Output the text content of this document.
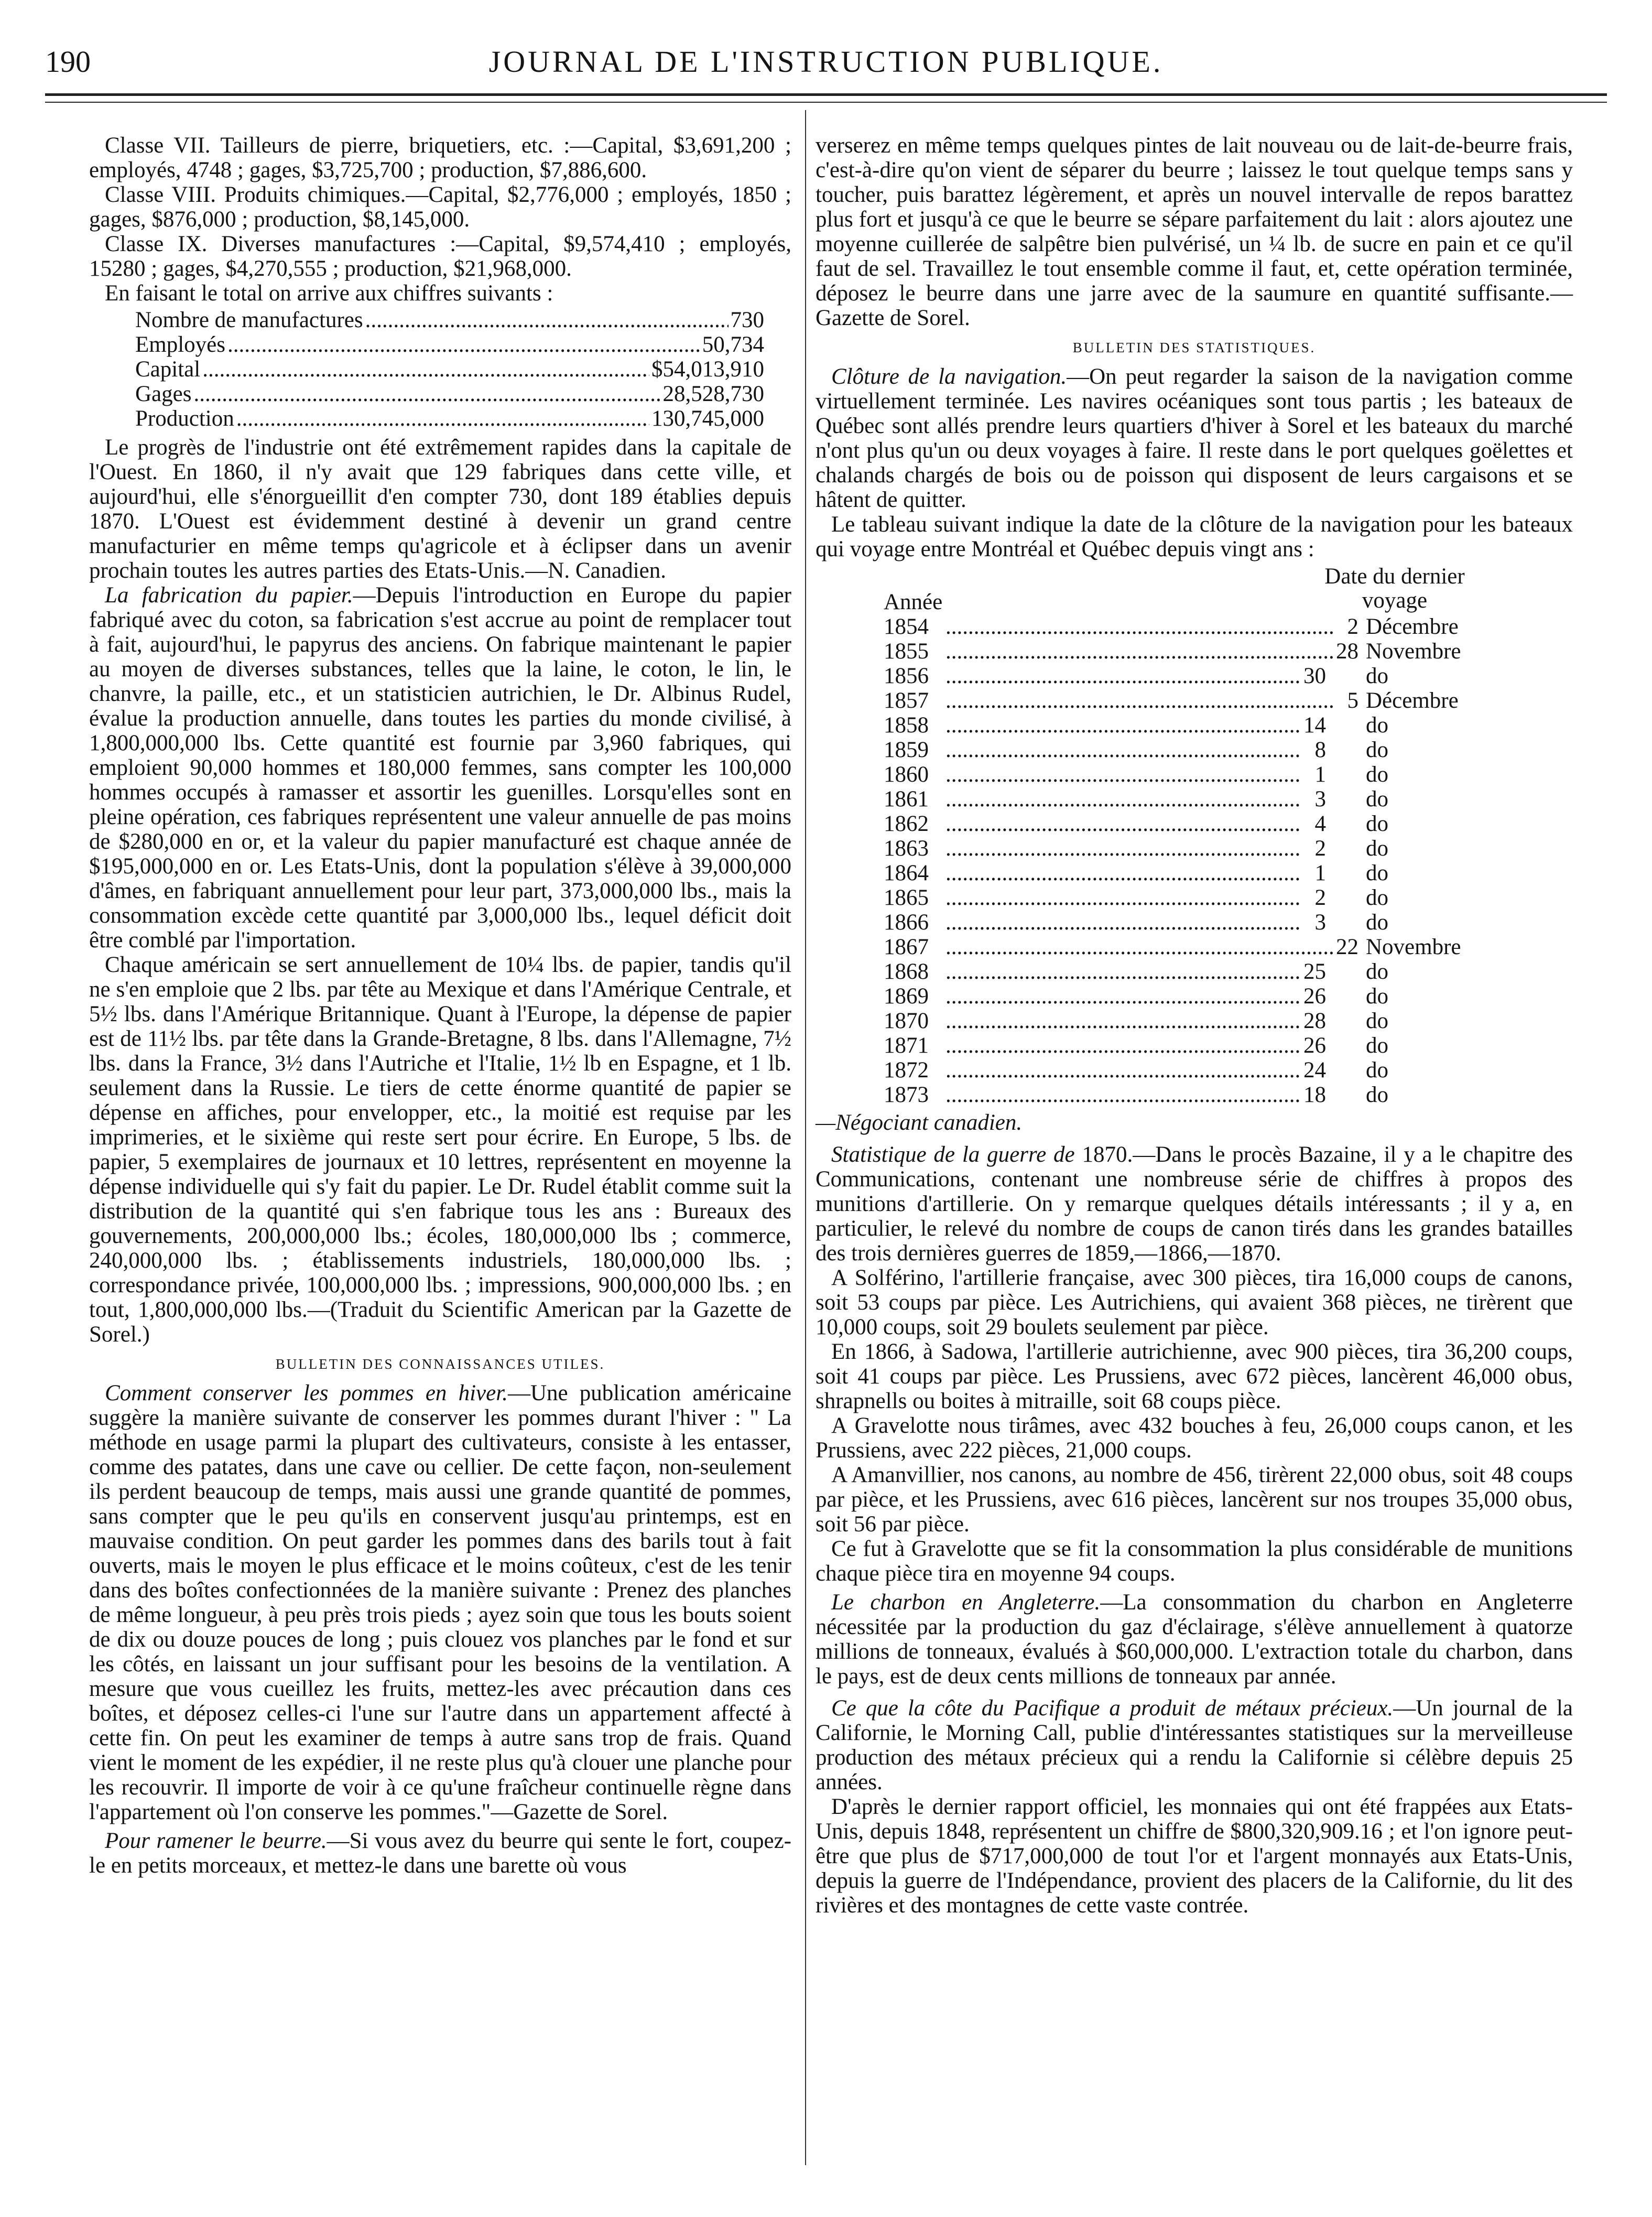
190	JOURNAL DE L'INSTRUCTION PUBLIQUE.

Classe VII. Tailleurs de pierre, briquetiers, etc. :—Capital, $3,691,200 ; employés, 4748 ; gages, $3,725,700 ; production, $7,886,600.

Classe VIII. Produits chimiques.—Capital, $2,776,000 ; employés, 1850 ; gages, $876,000 ; production, $8,145,000.

Classe IX. Diverses manufactures :—Capital, $9,574,410 ; employés, 15280 ; gages, $4,270,555 ; production, $21,968,000.

En faisant le total on arrive aux chiffres suivants :

Nombre de manufactures .....	730
Employés .....	50,734
Capital .....	$54,013,910
Gages .....	28,528,730
Production .....	130,745,000

Le progrès de l'industrie ont été extrêmement rapides dans la capitale de l'Ouest. En 1860, il n'y avait que 129 fabriques dans cette ville, et aujourd'hui, elle s'énorgueillit d'en compter 730, dont 189 établies depuis 1870. L'Ouest est évidemment destiné à devenir un grand centre manufacturier en même temps qu'agricole et à éclipser dans un avenir prochain toutes les autres parties des Etats-Unis.—N. Canadien.

La fabrication du papier.—Depuis l'introduction en Europe du papier fabriqué avec du coton, sa fabrication s'est accrue au point de remplacer tout à fait, aujourd'hui, le papyrus des anciens. On fabrique maintenant le papier au moyen de diverses substances, telles que la laine, le coton, le lin, le chanvre, la paille, etc., et un statisticien autrichien, le Dr. Albinus Rudel, évalue la production annuelle, dans toutes les parties du monde civilisé, à 1,800,000,000 lbs. Cette quantité est fournie par 3,960 fabriques, qui emploient 90,000 hommes et 180,000 femmes, sans compter les 100,000 hommes occupés à ramasser et assortir les guenilles. Lorsqu'elles sont en pleine opération, ces fabriques représentent une valeur annuelle de pas moins de $280,000 en or, et la valeur du papier manufacturé est chaque année de $195,000,000 en or. Les Etats-Unis, dont la population s'élève à 39,000,000 d'âmes, en fabriquant annuellement pour leur part, 373,000,000 lbs., mais la consommation excède cette quantité par 3,000,000 lbs., lequel déficit doit être comblé par l'importation.

Chaque américain se sert annuellement de 10¼ lbs. de papier, tandis qu'il ne s'en emploie que 2 lbs. par tête au Mexique et dans l'Amérique Centrale, et 5½ lbs. dans l'Amérique Britannique. Quant à l'Europe, la dépense de papier est de 11½ lbs. par tête dans la Grande-Bretagne, 8 lbs. dans l'Allemagne, 7½ lbs. dans la France, 3½ dans l'Autriche et l'Italie, 1½ lb en Espagne, et 1 lb. seulement dans la Russie. Le tiers de cette énorme quantité de papier se dépense en affiches, pour envelopper, etc., la moitié est requise par les imprimeries, et le sixième qui reste sert pour écrire. En Europe, 5 lbs. de papier, 5 exemplaires de journaux et 10 lettres, représentent en moyenne la dépense individuelle qui s'y fait du papier. Le Dr. Rudel établit comme suit la distribution de la quantité qui s'en fabrique tous les ans : Bureaux des gouvernements, 200,000,000 lbs.; écoles, 180,000,000 lbs ; commerce, 240,000,000 lbs. ; établissements industriels, 180,000,000 lbs. ; correspondance privée, 100,000,000 lbs. ; impressions, 900,000,000 lbs. ; en tout, 1,800,000,000 lbs.—(Traduit du Scientific American par la Gazette de Sorel.)

BULLETIN DES CONNAISSANCES UTILES.

Comment conserver les pommes en hiver.—Une publication américaine suggère la manière suivante de conserver les pommes durant l'hiver : " La méthode en usage parmi la plupart des cultivateurs, consiste à les entasser, comme des patates, dans une cave ou cellier. De cette façon, non-seulement ils perdent beaucoup de temps, mais aussi une grande quantité de pommes, sans compter que le peu qu'ils en conservent jusqu'au printemps, est en mauvaise condition. On peut garder les pommes dans des barils tout à fait ouverts, mais le moyen le plus efficace et le moins coûteux, c'est de les tenir dans des boîtes confectionnées de la manière suivante : Prenez des planches de même longueur, à peu près trois pieds ; ayez soin que tous les bouts soient de dix ou douze pouces de long ; puis clouez vos planches par le fond et sur les côtés, en laissant un jour suffisant pour les besoins de la ventilation. A mesure que vous cueillez les fruits, mettez-les avec précaution dans ces boîtes, et déposez celles-ci l'une sur l'autre dans un appartement affecté à cette fin. On peut les examiner de temps à autre sans trop de frais. Quand vient le moment de les expédier, il ne reste plus qu'à clouer une planche pour les recouvrir. Il importe de voir à ce qu'une fraîcheur continuelle règne dans l'appartement où l'on conserve les pommes."—Gazette de Sorel.

Pour ramener le beurre.—Si vous avez du beurre qui sente le fort, coupez-le en petits morceaux, et mettez-le dans une barette où vous

verserez en même temps quelques pintes de lait nouveau ou de lait-de-beurre frais, c'est-à-dire qu'on vient de séparer du beurre ; laissez le tout quelque temps sans y toucher, puis barattez légèrement, et après un nouvel intervalle de repos barattez plus fort et jusqu'à ce que le beurre se sépare parfaitement du lait : alors ajoutez une moyenne cuillerée de salpêtre bien pulvérisé, un ¼ lb. de sucre en pain et ce qu'il faut de sel. Travaillez le tout ensemble comme il faut, et, cette opération terminée, déposez le beurre dans une jarre avec de la saumure en quantité suffisante.—Gazette de Sorel.

BULLETIN DES STATISTIQUES.

Clôture de la navigation.—On peut regarder la saison de la navigation comme virtuellement terminée. Les navires océaniques sont tous partis ; les bateaux de Québec sont allés prendre leurs quartiers d'hiver à Sorel et les bateaux du marché n'ont plus qu'un ou deux voyages à faire. Il reste dans le port quelques goëlettes et chalands chargés de bois ou de poisson qui disposent de leurs cargaisons et se hâtent de quitter.

Le tableau suivant indique la date de la clôture de la navigation pour les bateaux qui voyage entre Montréal et Québec depuis vingt ans :

Année
Date du dernier voyage
1854 .....	2 Décembre
1855 .....	28 Novembre
1856 .....	30	do
1857 .....	5 Décembre
1858 .....	14	do
1859 .....	8	do
1860 .....	1	do
1861 .....	3	do
1862 .....	4	do
1863 .....	2	do
1864 .....	1	do
1865 .....	2	do
1866 .....	3	do
1867 .....	22 Novembre
1868 .....	25	do
1869 .....	26	do
1870 .....	28	do
1871 .....	26	do
1872 .....	24	do
1873 .....	18	do

—Négociant canadien.

Statistique de la guerre de 1870.—Dans le procès Bazaine, il y a le chapitre des Communications, contenant une nombreuse série de chiffres à propos des munitions d'artillerie. On y remarque quelques détails intéressants ; il y a, en particulier, le relevé du nombre de coups de canon tirés dans les grandes batailles des trois dernières guerres de 1859,—1866,—1870.

A Solférino, l'artillerie française, avec 300 pièces, tira 16,000 coups de canons, soit 53 coups par pièce. Les Autrichiens, qui avaient 368 pièces, ne tirèrent que 10,000 coups, soit 29 boulets seulement par pièce.

En 1866, à Sadowa, l'artillerie autrichienne, avec 900 pièces, tira 36,200 coups, soit 41 coups par pièce. Les Prussiens, avec 672 pièces, lancèrent 46,000 obus, shrapnells ou boites à mitraille, soit 68 coups pièce.

A Gravelotte nous tirâmes, avec 432 bouches à feu, 26,000 coups canon, et les Prussiens, avec 222 pièces, 21,000 coups.

A Amanvillier, nos canons, au nombre de 456, tirèrent 22,000 obus, soit 48 coups par pièce, et les Prussiens, avec 616 pièces, lancèrent sur nos troupes 35,000 obus, soit 56 par pièce.

Ce fut à Gravelotte que se fit la consommation la plus considérable de munitions chaque pièce tira en moyenne 94 coups.

Le charbon en Angleterre.—La consommation du charbon en Angleterre nécessitée par la production du gaz d'éclairage, s'élève annuellement à quatorze millions de tonneaux, évalués à $60,000,000. L'extraction totale du charbon, dans le pays, est de deux cents millions de tonneaux par année.

Ce que la côte du Pacifique a produit de métaux précieux.—Un journal de la Californie, le Morning Call, publie d'intéressantes statistiques sur la merveilleuse production des métaux précieux qui a rendu la Californie si célèbre depuis 25 années.

D'après le dernier rapport officiel, les monnaies qui ont été frappées aux Etats-Unis, depuis 1848, représentent un chiffre de $800,320,909.16 ; et l'on ignore peut-être que plus de $717,000,000 de tout l'or et l'argent monnayés aux Etats-Unis, depuis la guerre de l'Indépendance, provient des placers de la Californie, du lit des rivières et des montagnes de cette vaste contrée.
